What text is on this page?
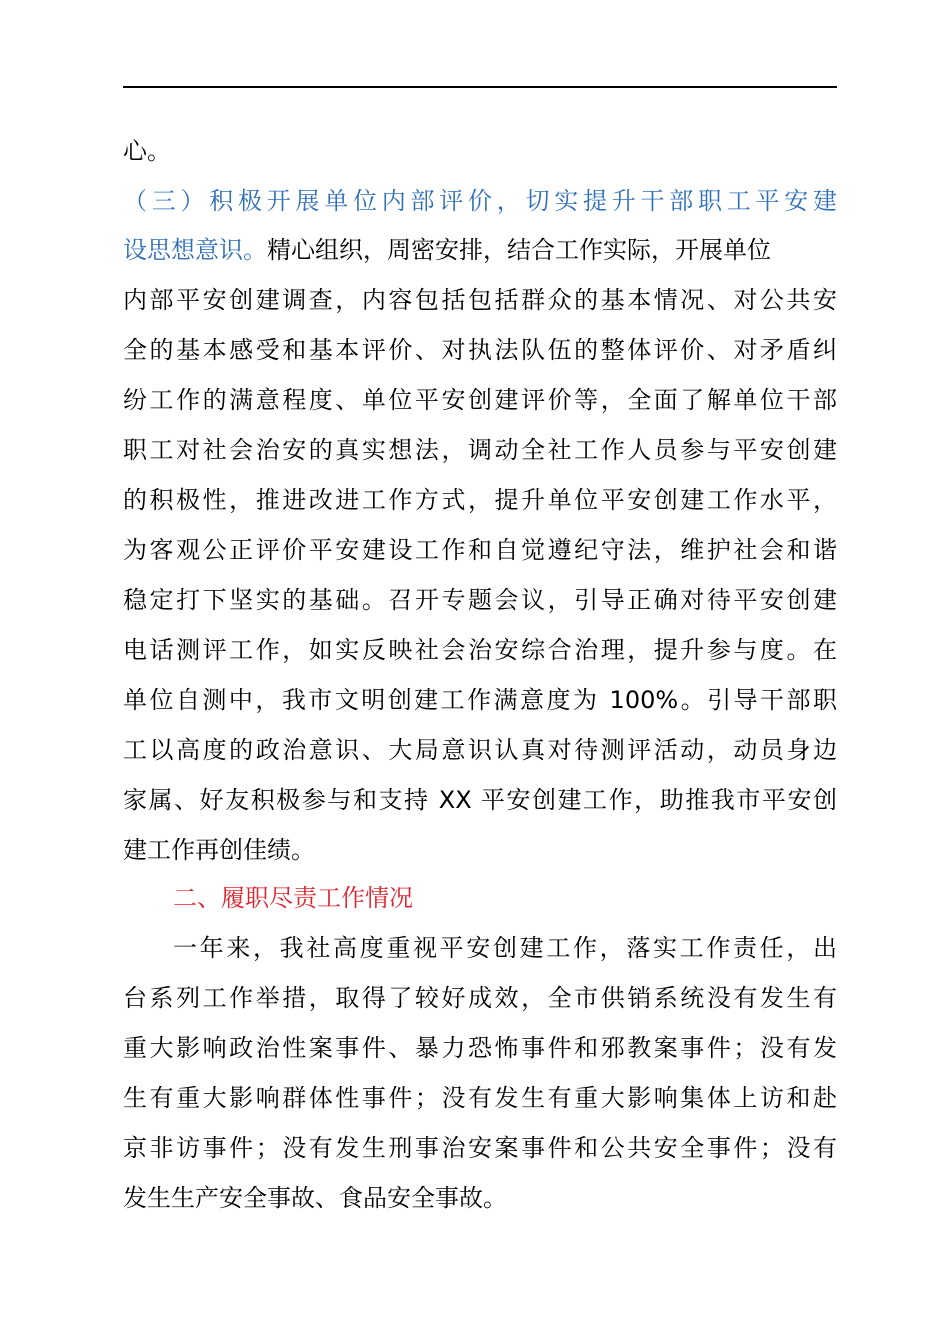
心。
（三）积极开展单位内部评价，切实提升干部职工平安建
设思想意识。精心组织，周密安排，结合工作实际，开展单位
内部平安创建调查，内容包括包括群众的基本情况、对公共安
全的基本感受和基本评价、对执法队伍的整体评价、对矛盾纠
纷工作的满意程度、单位平安创建评价等，全面了解单位干部
职工对社会治安的真实想法，调动全社工作人员参与平安创建
的积极性，推进改进工作方式，提升单位平安创建工作水平，
为客观公正评价平安建设工作和自觉遵纪守法，维护社会和谐
稳定打下坚实的基础。召开专题会议，引导正确对待平安创建
电话测评工作，如实反映社会治安综合治理，提升参与度。在
单位自测中，我市文明创建工作满意度为 100%。引导干部职
工以高度的政治意识、大局意识认真对待测评活动，动员身边
家属、好友积极参与和支持 XX 平安创建工作，助推我市平安创
建工作再创佳绩。
二、履职尽责工作情况
一年来，我社高度重视平安创建工作，落实工作责任，出
台系列工作举措，取得了较好成效，全市供销系统没有发生有
重大影响政治性案事件、暴力恐怖事件和邪教案事件；没有发
生有重大影响群体性事件；没有发生有重大影响集体上访和赴
京非访事件；没有发生刑事治安案事件和公共安全事件；没有
发生生产安全事故、食品安全事故。
